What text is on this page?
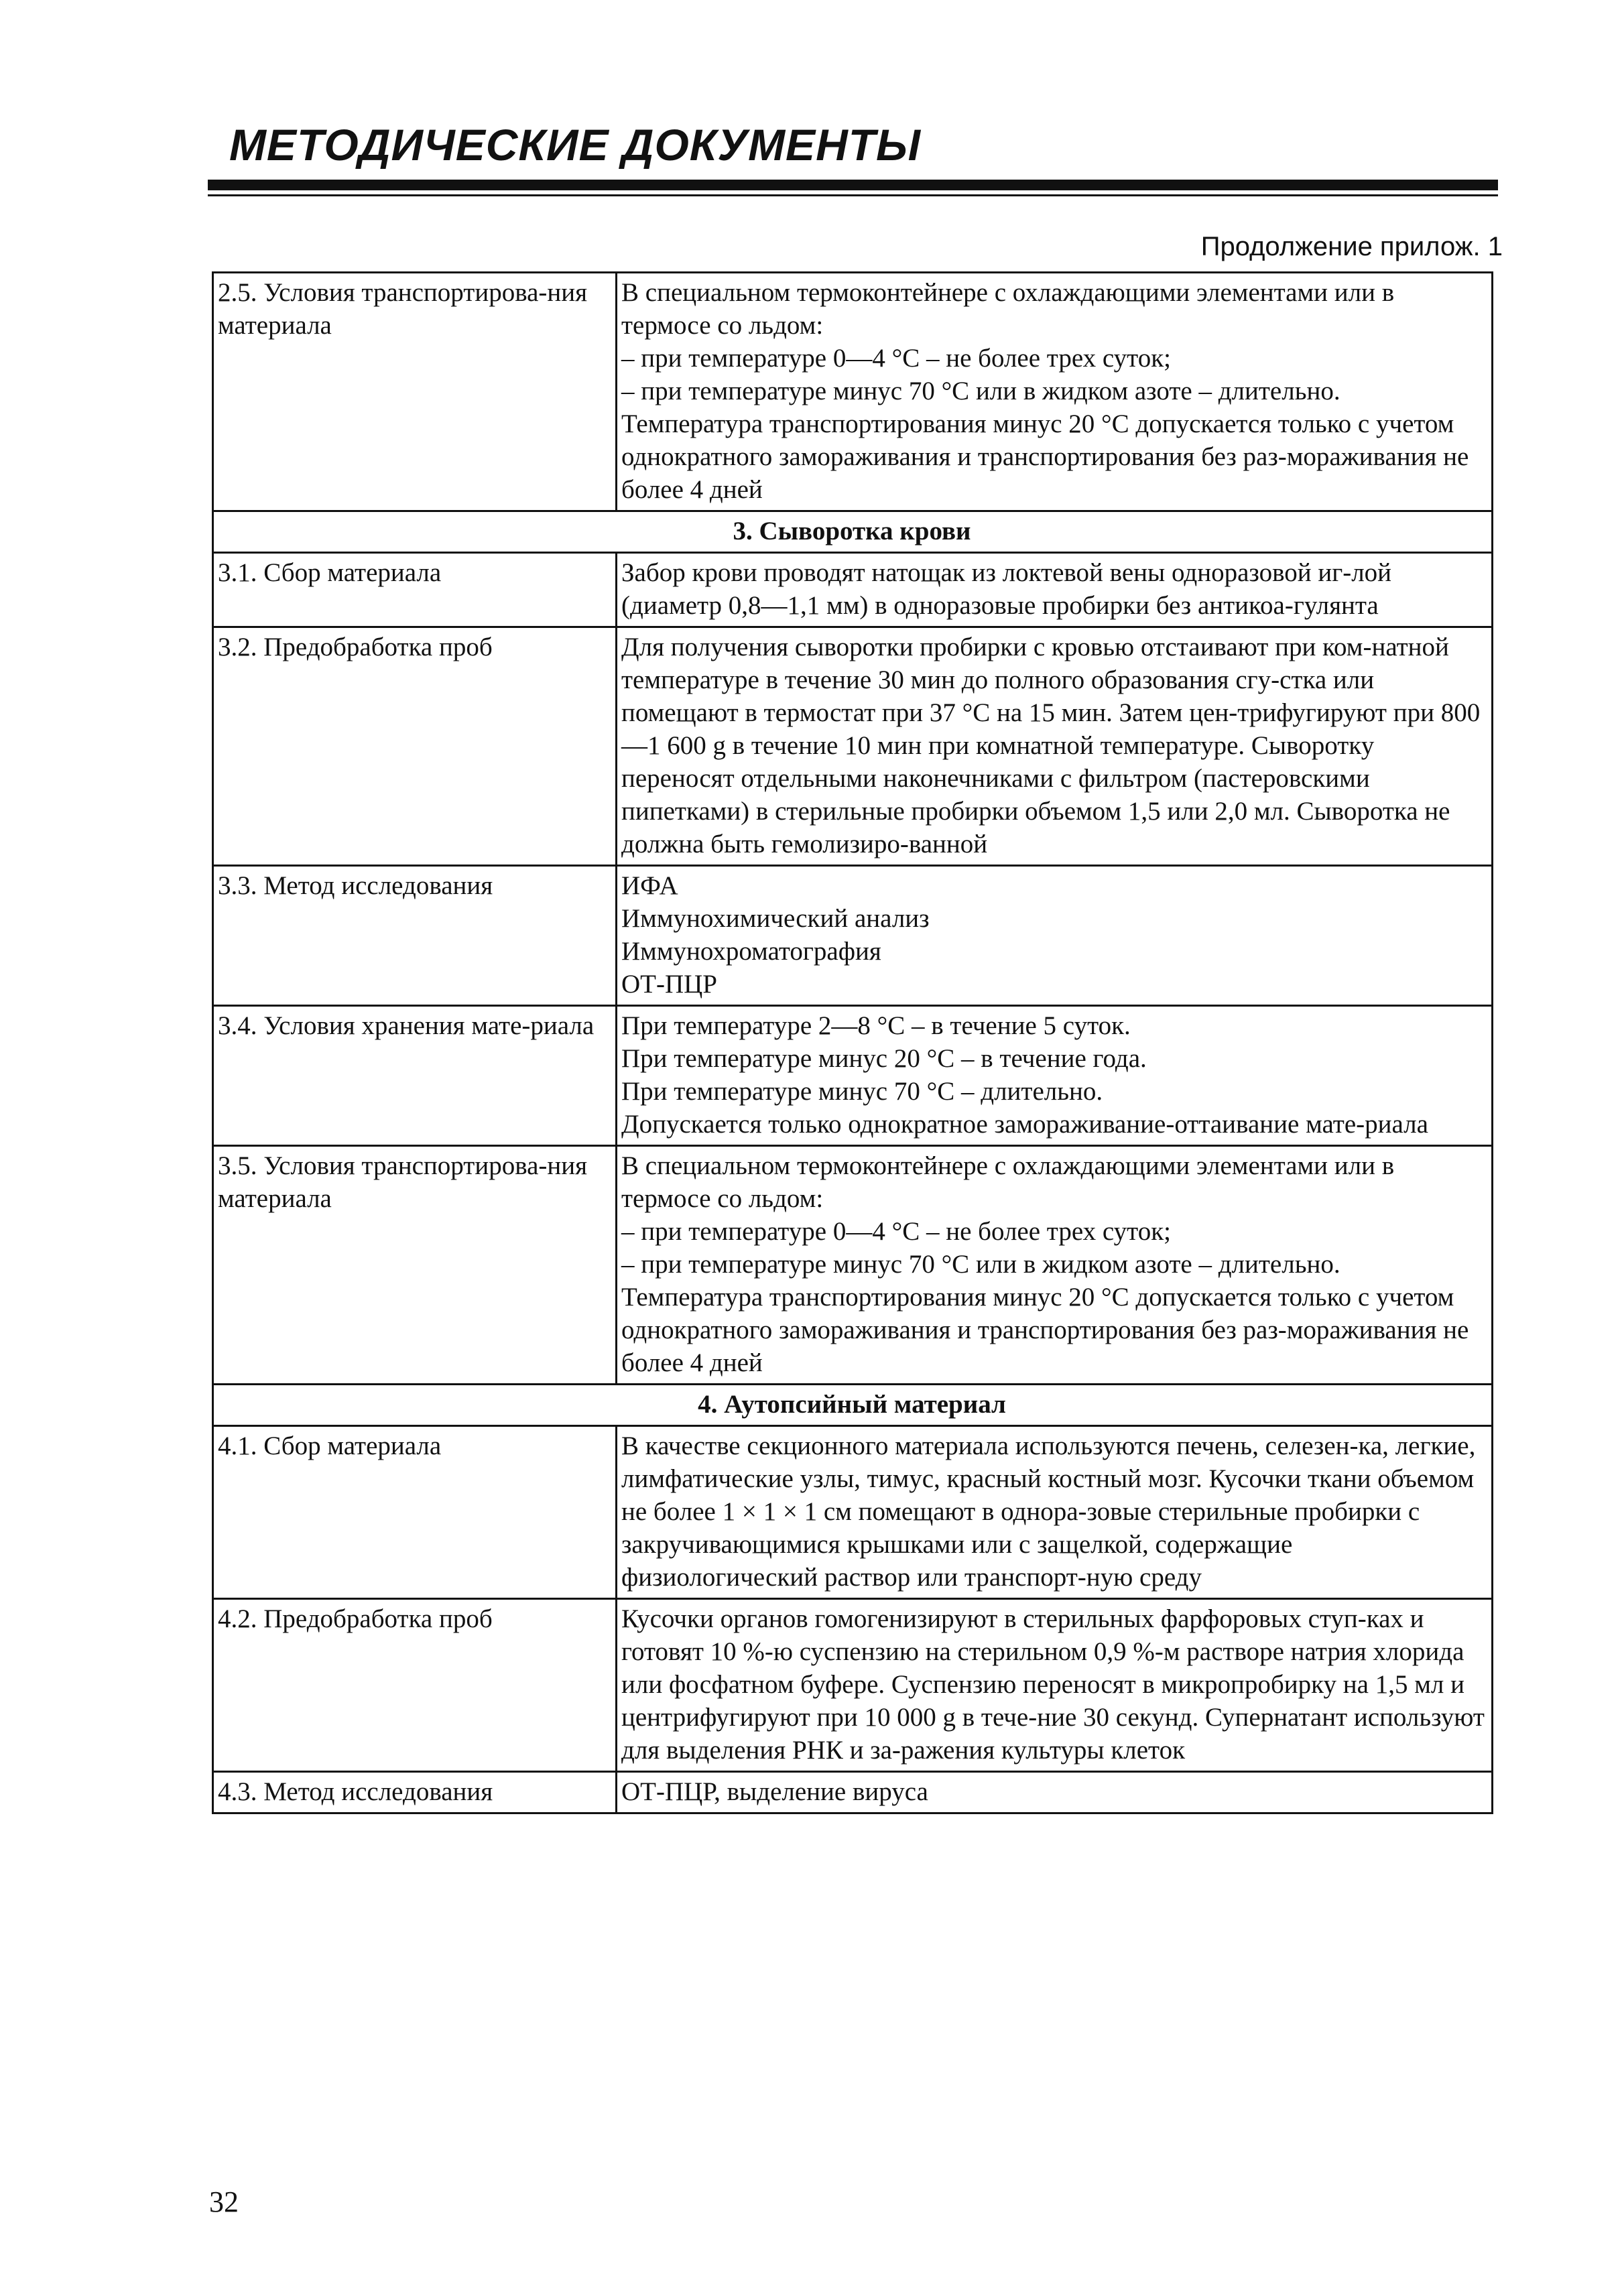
МЕТОДИЧЕСКИЕ ДОКУМЕНТЫ
Продолжение прилож. 1
2.5. Условия транспортирова-ния материала	В специальном термоконтейнере с охлаждающими элементами или в термосе со льдом:
– при температуре 0—4 °С – не более трех суток;
– при температуре минус 70 °С или в жидком азоте – длительно.
Температура транспортирования минус 20 °С допускается только с учетом однократного замораживания и транспортирования без раз-мораживания не более 4 дней

3. Сыворотка крови	
3.1. Сбор материала	Забор крови проводят натощак из локтевой вены одноразовой иг-лой (диаметр 0,8—1,1 мм) в одноразовые пробирки без антикоа-гулянта

3.2. Предобработка проб	Для получения сыворотки пробирки с кровью отстаивают при ком-натной температуре в течение 30 мин до полного образования сгу-стка или помещают в термостат при 37 °С на 15 мин. Затем цен-трифугируют при 800—1 600 g в течение 10 мин при комнатной температуре. Сыворотку переносят отдельными наконечниками с фильтром (пастеровскими пипетками) в стерильные пробирки объемом 1,5 или 2,0 мл. Сыворотка не должна быть гемолизиро-ванной

3.3. Метод исследования	ИФА
Иммунохимический анализ
Иммунохроматография
ОТ-ПЦР

3.4. Условия хранения мате-риала	При температуре 2—8 °С – в течение 5 суток.
При температуре минус 20 °С – в течение года.
При температуре минус 70 °С – длительно.
Допускается только однократное замораживание-оттаивание мате-риала

3.5. Условия транспортирова-ния материала	В специальном термоконтейнере с охлаждающими элементами или в термосе со льдом:
– при температуре 0—4 °С – не более трех суток;
– при температуре минус 70 °С или в жидком азоте – длительно.
Температура транспортирования минус 20 °С допускается только с учетом однократного замораживания и транспортирования без раз-мораживания не более 4 дней

4. Аутопсийный материал	
4.1. Сбор материала	В качестве секционного материала используются печень, селезен-ка, легкие, лимфатические узлы, тимус, красный костный мозг. Кусочки ткани объемом не более 1 × 1 × 1 см помещают в однора-зовые стерильные пробирки с закручивающимися крышками или с защелкой, содержащие физиологический раствор или транспорт-ную среду

4.2. Предобработка проб	Кусочки органов гомогенизируют в стерильных фарфоровых ступ-ках и готовят 10 %-ю суспензию на стерильном 0,9 %-м растворе натрия хлорида или фосфатном буфере. Суспензию переносят в микропробирку на 1,5 мл и центрифугируют при 10 000 g в тече-ние 30 секунд. Супернатант используют для выделения РНК и за-ражения культуры клеток

4.3. Метод исследования	ОТ-ПЦР, выделение вируса
32
